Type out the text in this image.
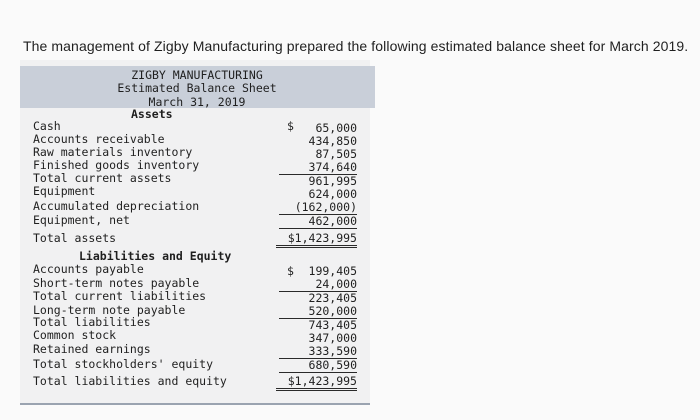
The management of Zigby Manufacturing prepared the following estimated balance sheet for March 2019.
ZIGBY MANUFACTURING
Estimated Balance Sheet
March 31, 2019
Assets
Cash	$	65,000
Accounts receivable	434,850
Raw materials inventory	87,505
Finished goods inventory	374,640
Total current assets	961,995
Equipment	624,000
Accumulated depreciation	(162,000)
Equipment, net	462,000
Total assets	$1,423,995
Liabilities and Equity
Accounts payable	$	199,405
Short-term notes payable	24,000
Total current liabilities	223,405
Long-term note payable	520,000
Total liabilities	743,405
Common stock	347,000
Retained earnings	333,590
Total stockholders' equity	680,590
Total liabilities and equity	$1,423,995
